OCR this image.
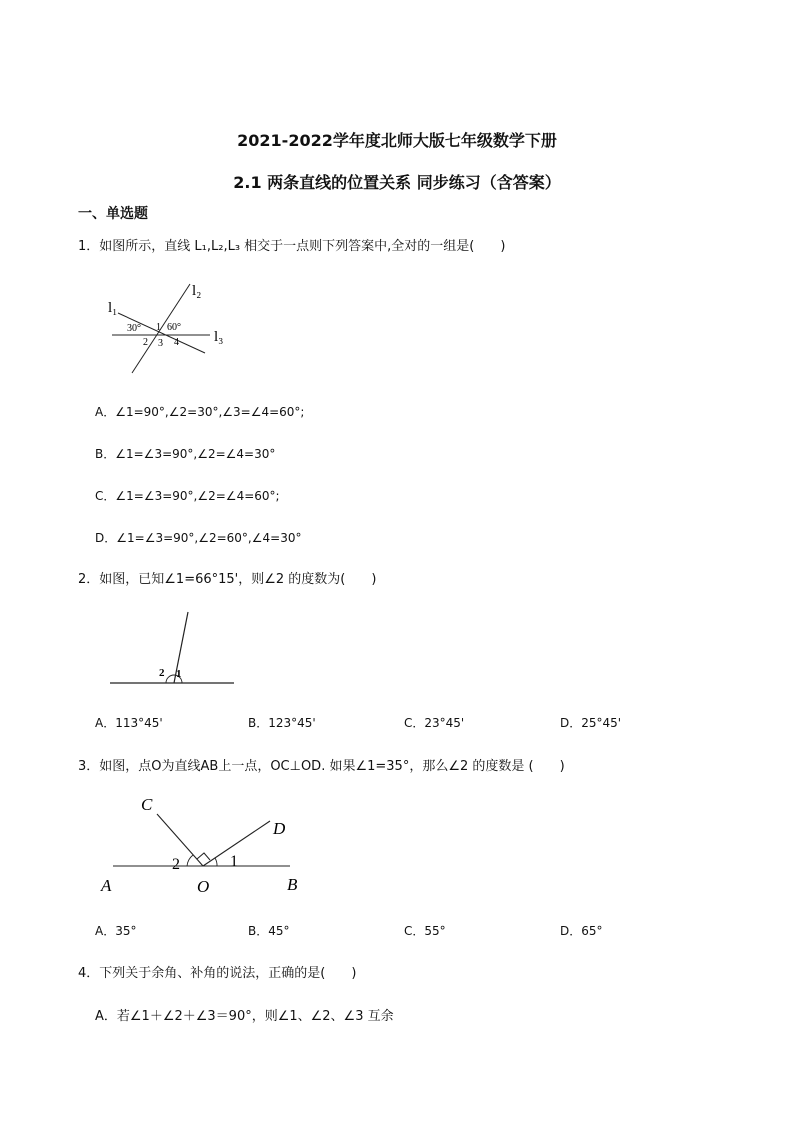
2021-2022学年度北师大版七年级数学下册
2.1 两条直线的位置关系 同步练习（含答案）
一、单选题
1．如图所示，直线 L₁,L₂,L₃ 相交于一点则下列答案中,全对的一组是(　　)
l₁
l₂
l₃
30° 1 60°
2 3 4
A．∠1=90°,∠2=30°,∠3=∠4=60°;
B．∠1=∠3=90°,∠2=∠4=30°
C．∠1=∠3=90°,∠2=∠4=60°;
D．∠1=∠3=90°,∠2=60°,∠4=30°
2．如图，已知∠1=66°15'，则∠2 的度数为(　　)
2 1
A．113°45'	B．123°45'	C．23°45'	D．25°45'
3．如图，点O为直线AB上一点，OC⊥OD. 如果∠1=35°，那么∠2 的度数是 (　　)
C
D
A	B
O
2	1
A．35°	B．45°	C．55°	D．65°
4．下列关于余角、补角的说法，正确的是(　　)
A．若∠1＋∠2＋∠3＝90°，则∠1、∠2、∠3 互余
